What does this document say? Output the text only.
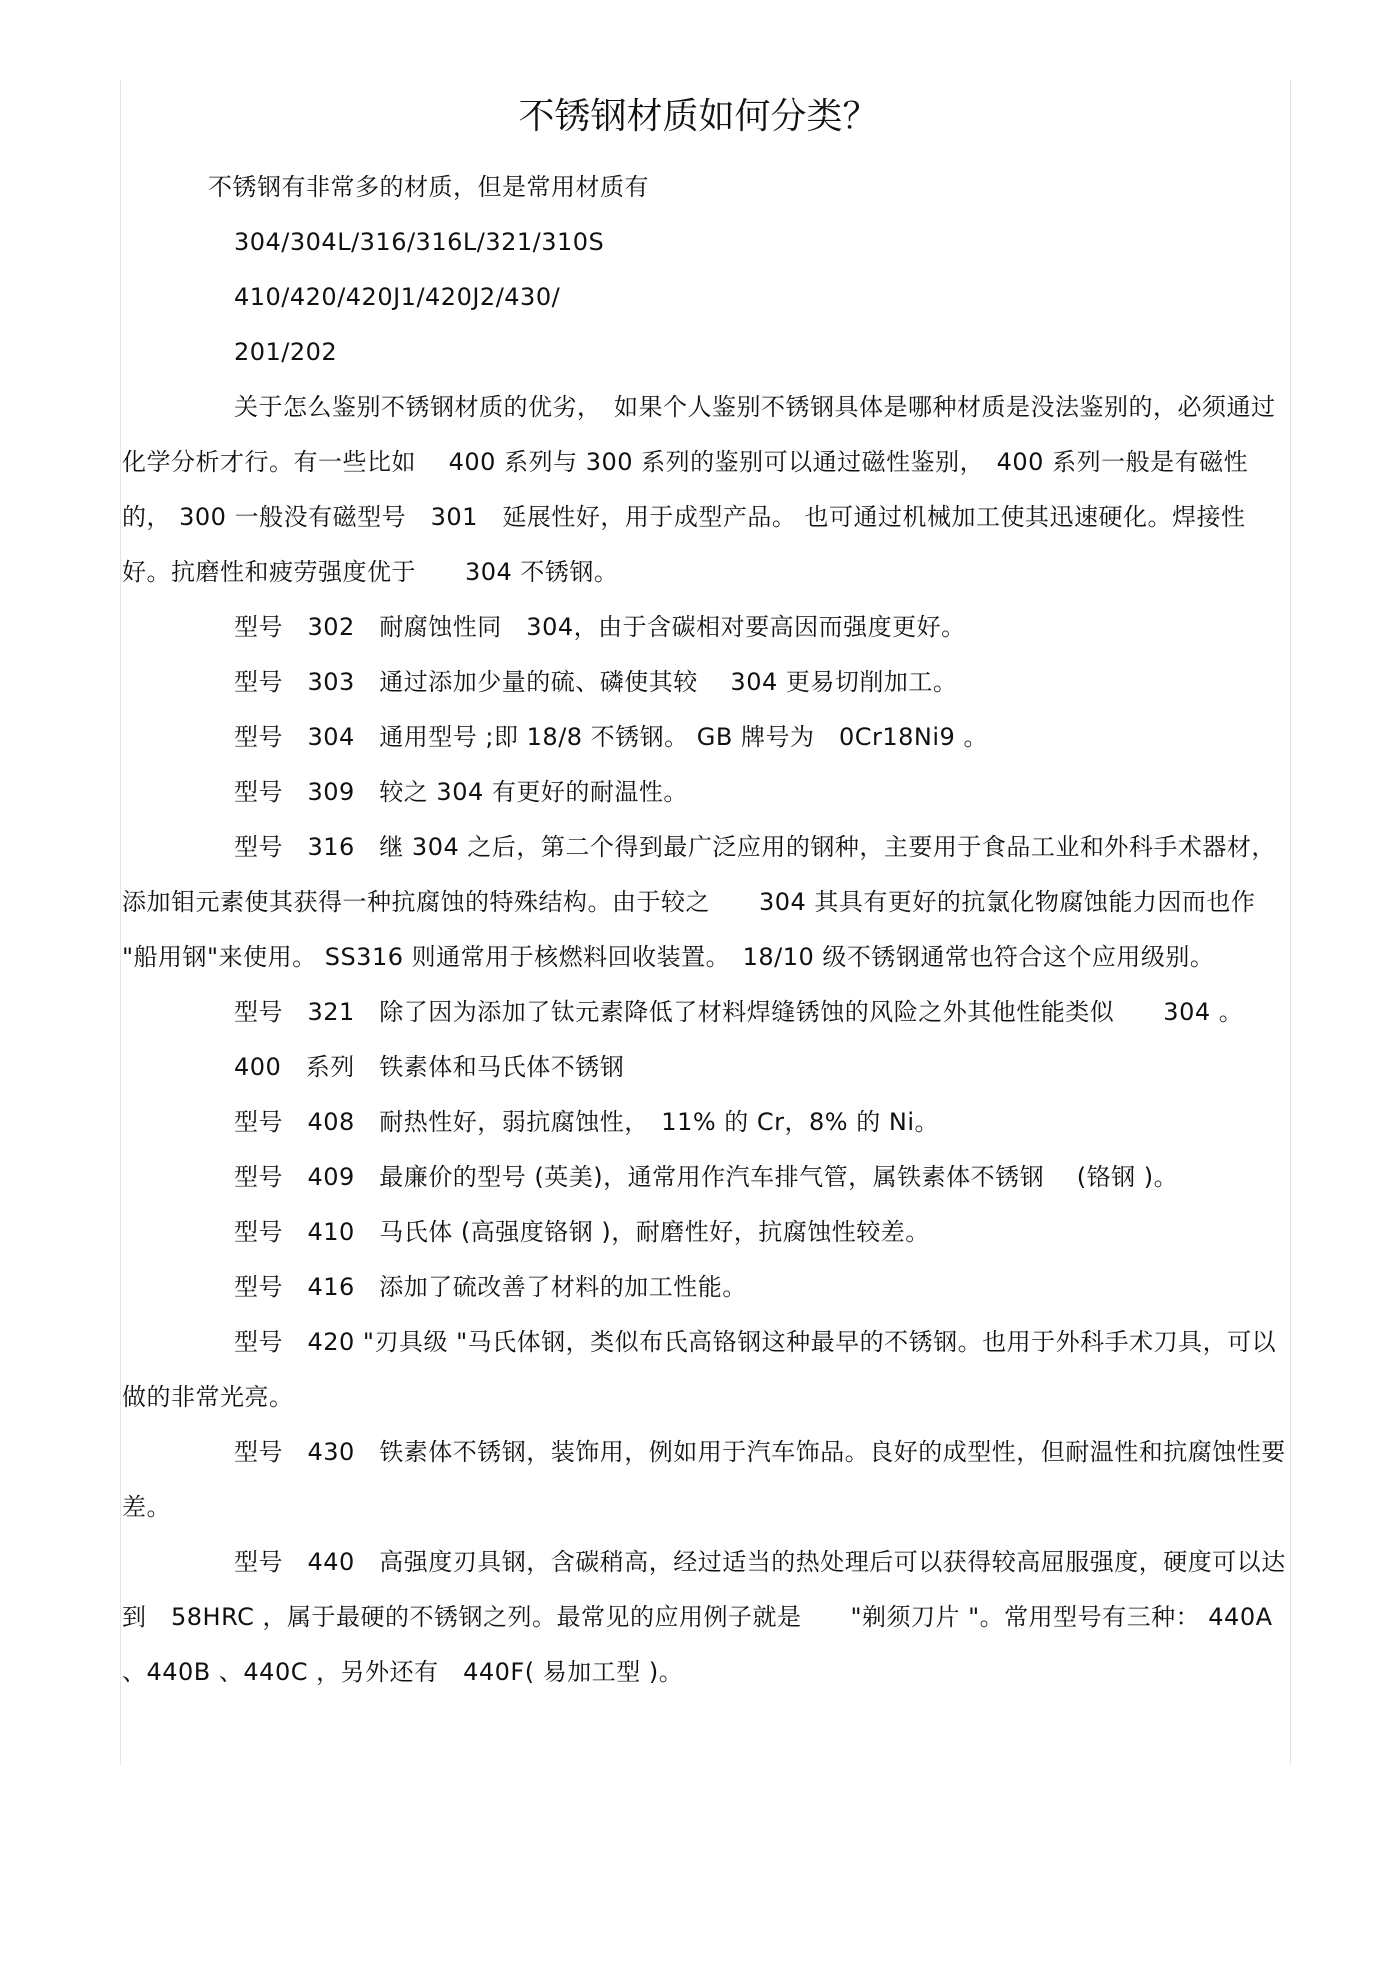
不锈钢材质如何分类？

不锈钢有非常多的材质，但是常用材质有

304/304L/316/316L/321/310S

410/420/420J1/420J2/430/

201/202

关于怎么鉴别不锈钢材质的优劣，　如果个人鉴别不锈钢具体是哪种材质是没法鉴别的，必须通过化学分析才行。有一些比如　 400 系列与 300 系列的鉴别可以通过磁性鉴别，　400 系列一般是有磁性的， 300 一般没有磁型号　301　延展性好，用于成型产品。 也可通过机械加工使其迅速硬化。焊接性好。抗磨性和疲劳强度优于　　304 不锈钢。

型号　302　耐腐蚀性同　304，由于含碳相对要高因而强度更好。

型号　303　通过添加少量的硫、磷使其较　 304 更易切削加工。

型号　304　通用型号 ;即 18/8 不锈钢。 GB 牌号为　0Cr18Ni9 。

型号　309　较之 304 有更好的耐温性。

型号　316　继 304 之后，第二个得到最广泛应用的钢种，主要用于食品工业和外科手术器材，添加钼元素使其获得一种抗腐蚀的特殊结构。由于较之　　304 其具有更好的抗氯化物腐蚀能力因而也作 "船用钢"来使用。 SS316 则通常用于核燃料回收装置。　18/10 级不锈钢通常也符合这个应用级别。

型号　321　除了因为添加了钛元素降低了材料焊缝锈蚀的风险之外其他性能类似　　304 。

400　系列　铁素体和马氏体不锈钢

型号　408　耐热性好，弱抗腐蚀性，　11% 的 Cr，8% 的 Ni。

型号　409　最廉价的型号 (英美)，通常用作汽车排气管，属铁素体不锈钢　 (铬钢 )。

型号　410　马氏体 (高强度铬钢 )，耐磨性好，抗腐蚀性较差。

型号　416　添加了硫改善了材料的加工性能。

型号　420 "刃具级 "马氏体钢，类似布氏高铬钢这种最早的不锈钢。也用于外科手术刀具，可以做的非常光亮。

型号　430　铁素体不锈钢，装饰用，例如用于汽车饰品。良好的成型性，但耐温性和抗腐蚀性要差。

型号　440　高强度刃具钢，含碳稍高，经过适当的热处理后可以获得较高屈服强度，硬度可以达到　58HRC ，属于最硬的不锈钢之列。最常见的应用例子就是　　"剃须刀片 "。常用型号有三种： 440A 、440B 、440C ，另外还有　440F( 易加工型 )。
